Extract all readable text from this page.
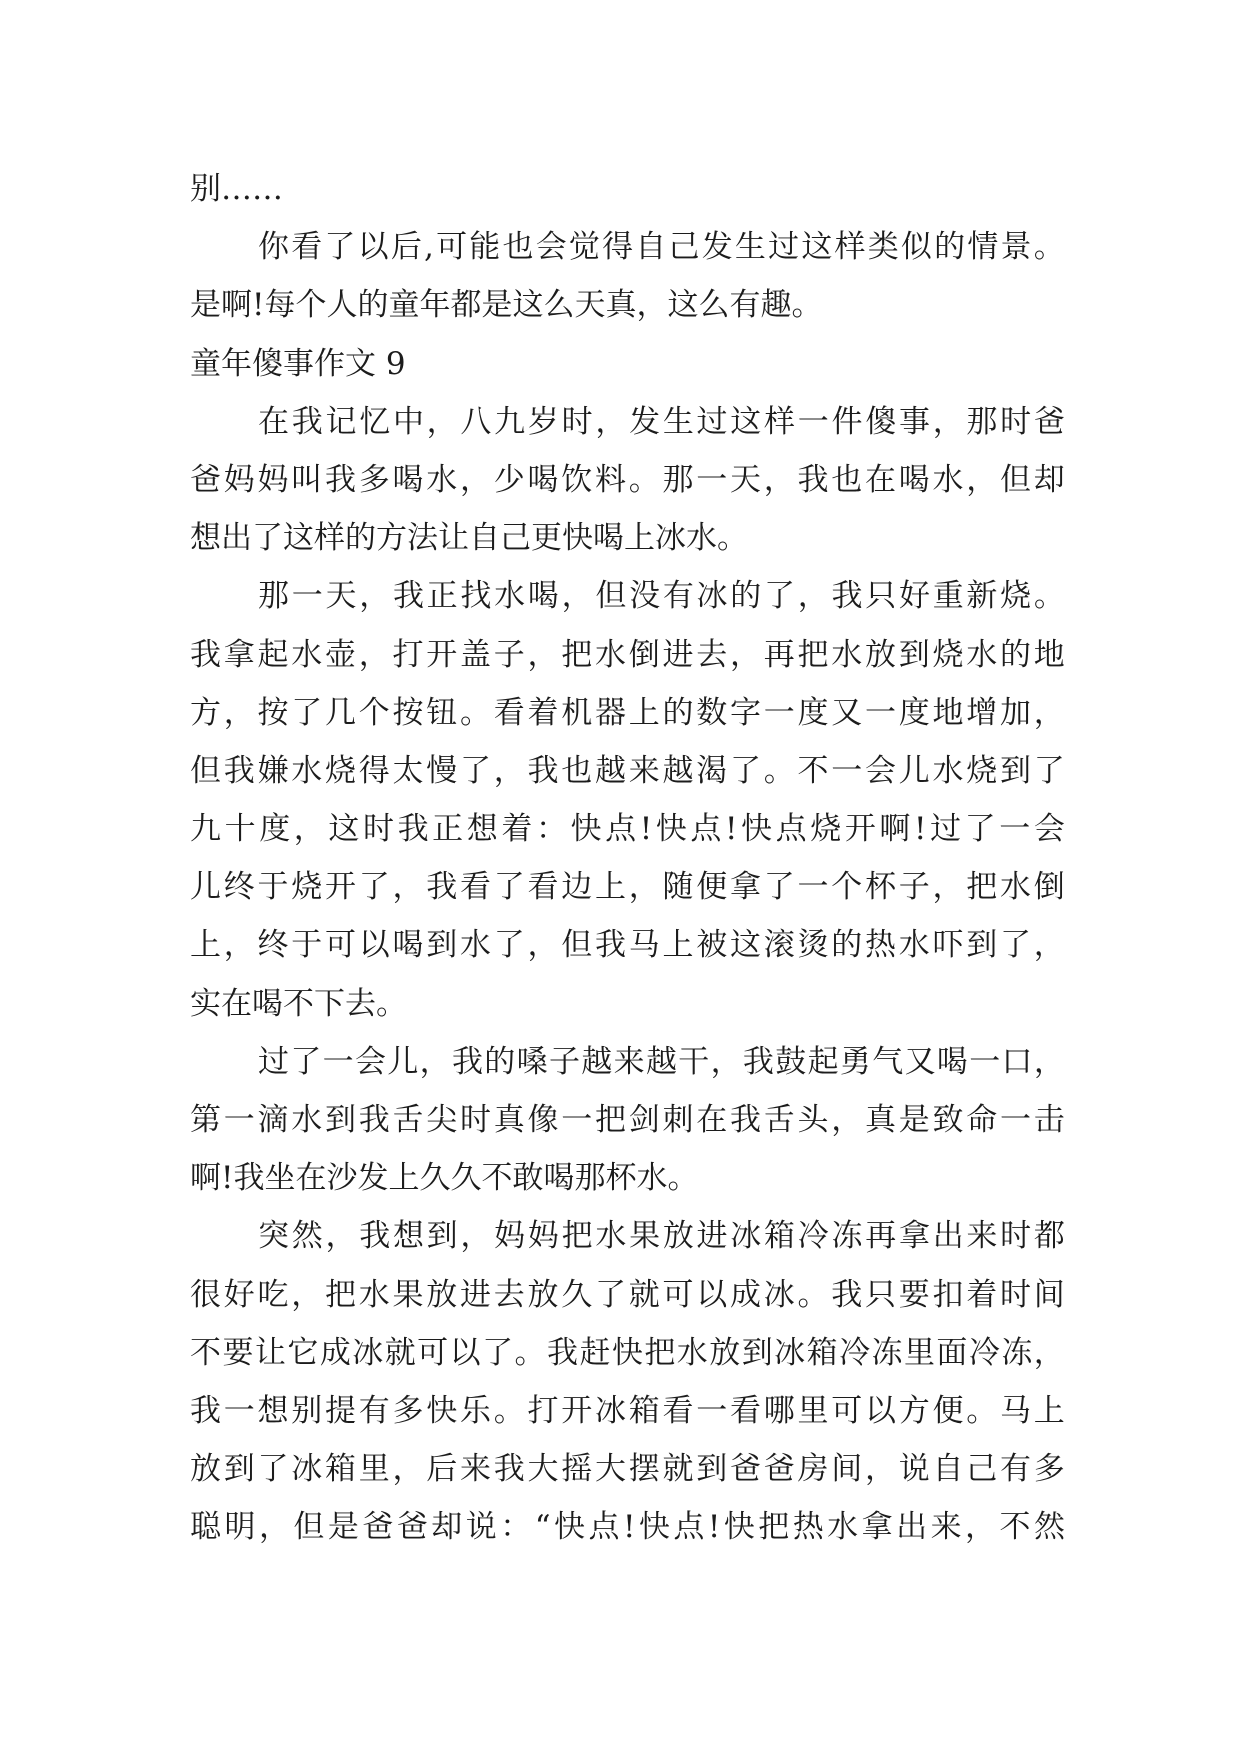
别……
你 看 了 以 后 , 可 能 也 会 觉 得 自 己 发 生 过 这 样 类 似 的 情 景 。
是啊!每个人的童年都是这么天真，这么有趣。
童年傻事作文 9
在 我 记 忆 中 ， 八 九 岁 时 ， 发 生 过 这 样 一 件 傻 事 ， 那 时 爸
爸 妈 妈 叫 我 多 喝 水 ， 少 喝 饮 料 。 那 一 天 ， 我 也 在 喝 水 ， 但 却
想出了这样的方法让自己更快喝上冰水。
那 一 天 ， 我 正 找 水 喝 ， 但 没 有 冰 的 了 ， 我 只 好 重 新 烧 。
我 拿 起 水 壶 ， 打 开 盖 子 ， 把 水 倒 进 去 ， 再 把 水 放 到 烧 水 的 地
方 ， 按 了 几 个 按 钮 。 看 着 机 器 上 的 数 字 一 度 又 一 度 地 增 加 ，
但 我 嫌 水 烧 得 太 慢 了 ， 我 也 越 来 越 渴 了 。 不 一 会 儿 水 烧 到 了
九 十 度 ， 这 时 我 正 想 着 ： 快 点 ! 快 点 ! 快 点 烧 开 啊 ! 过 了 一 会
儿 终 于 烧 开 了 ， 我 看 了 看 边 上 ， 随 便 拿 了 一 个 杯 子 ， 把 水 倒
上 ， 终 于 可 以 喝 到 水 了 ， 但 我 马 上 被 这 滚 烫 的 热 水 吓 到 了 ，
实在喝不下去。
过 了 一 会 儿 ， 我 的 嗓 子 越 来 越 干 ， 我 鼓 起 勇 气 又 喝 一 口 ，
第 一 滴 水 到 我 舌 尖 时 真 像 一 把 剑 刺 在 我 舌 头 ， 真 是 致 命 一 击
啊!我坐在沙发上久久不敢喝那杯水。
突 然 ， 我 想 到 ， 妈 妈 把 水 果 放 进 冰 箱 冷 冻 再 拿 出 来 时 都
很 好 吃 ， 把 水 果 放 进 去 放 久 了 就 可 以 成 冰 。 我 只 要 扣 着 时 间
不 要 让 它 成 冰 就 可 以 了 。 我 赶 快 把 水 放 到 冰 箱 冷 冻 里 面 冷 冻 ，
我 一 想 别 提 有 多 快 乐 。 打 开 冰 箱 看 一 看 哪 里 可 以 方 便 。 马 上
放 到 了 冰 箱 里 ， 后 来 我 大 摇 大 摆 就 到 爸 爸 房 间 ， 说 自 己 有 多
聪 明 ， 但 是 爸 爸 却 说 ： “ 快 点 ! 快 点 ! 快 把 热 水 拿 出 来 ， 不 然
